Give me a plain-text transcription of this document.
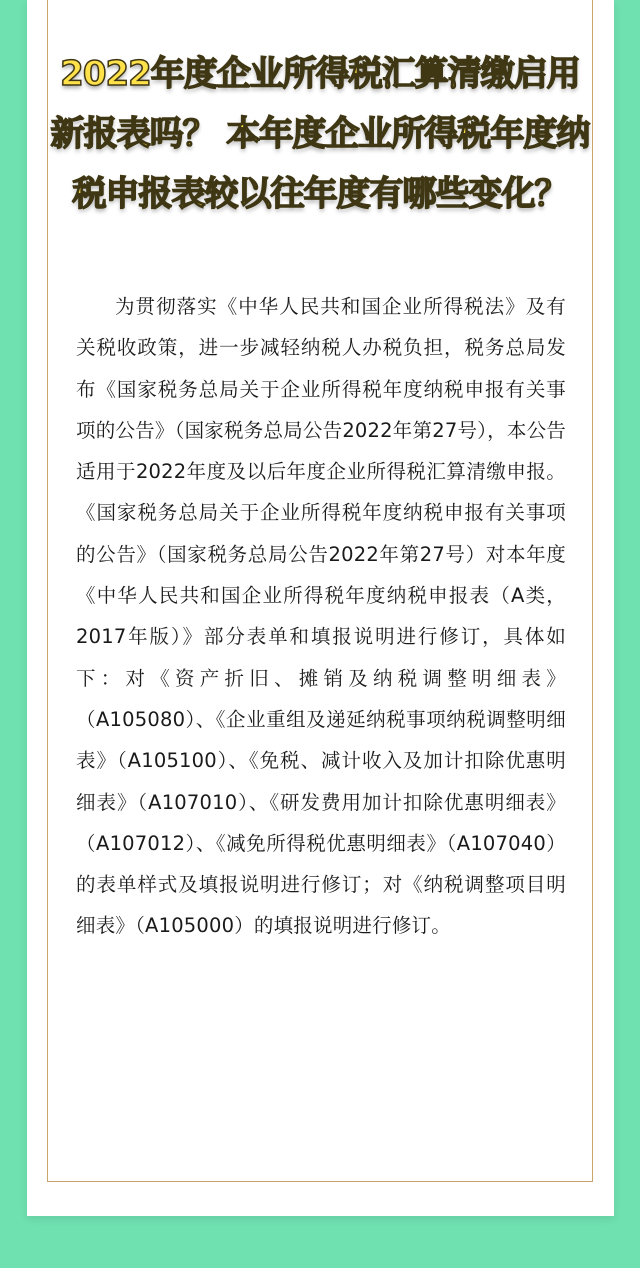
2022年度企业所得税汇算清缴启用新报表吗？ 本年度企业所得税年度纳税申报表较以往年度有哪些变化？

为贯彻落实《中华人民共和国企业所得税法》及有关税收政策，进一步减轻纳税人办税负担，税务总局发布《国家税务总局关于企业所得税年度纳税申报有关事项的公告》（国家税务总局公告2022年第27号），本公告适用于2022年度及以后年度企业所得税汇算清缴申报。《国家税务总局关于企业所得税年度纳税申报有关事项的公告》（国家税务总局公告2022年第27号）对本年度《中华人民共和国企业所得税年度纳税申报表（A类，2017年版）》部分表单和填报说明进行修订，具体如下：对《资产折旧、摊销及纳税调整明细表》（A105080）、《企业重组及递延纳税事项纳税调整明细表》（A105100）、《免税、减计收入及加计扣除优惠明细表》（A107010）、《研发费用加计扣除优惠明细表》（A107012）、《减免所得税优惠明细表》（A107040）的表单样式及填报说明进行修订；对《纳税调整项目明细表》（A105000）的填报说明进行修订。
